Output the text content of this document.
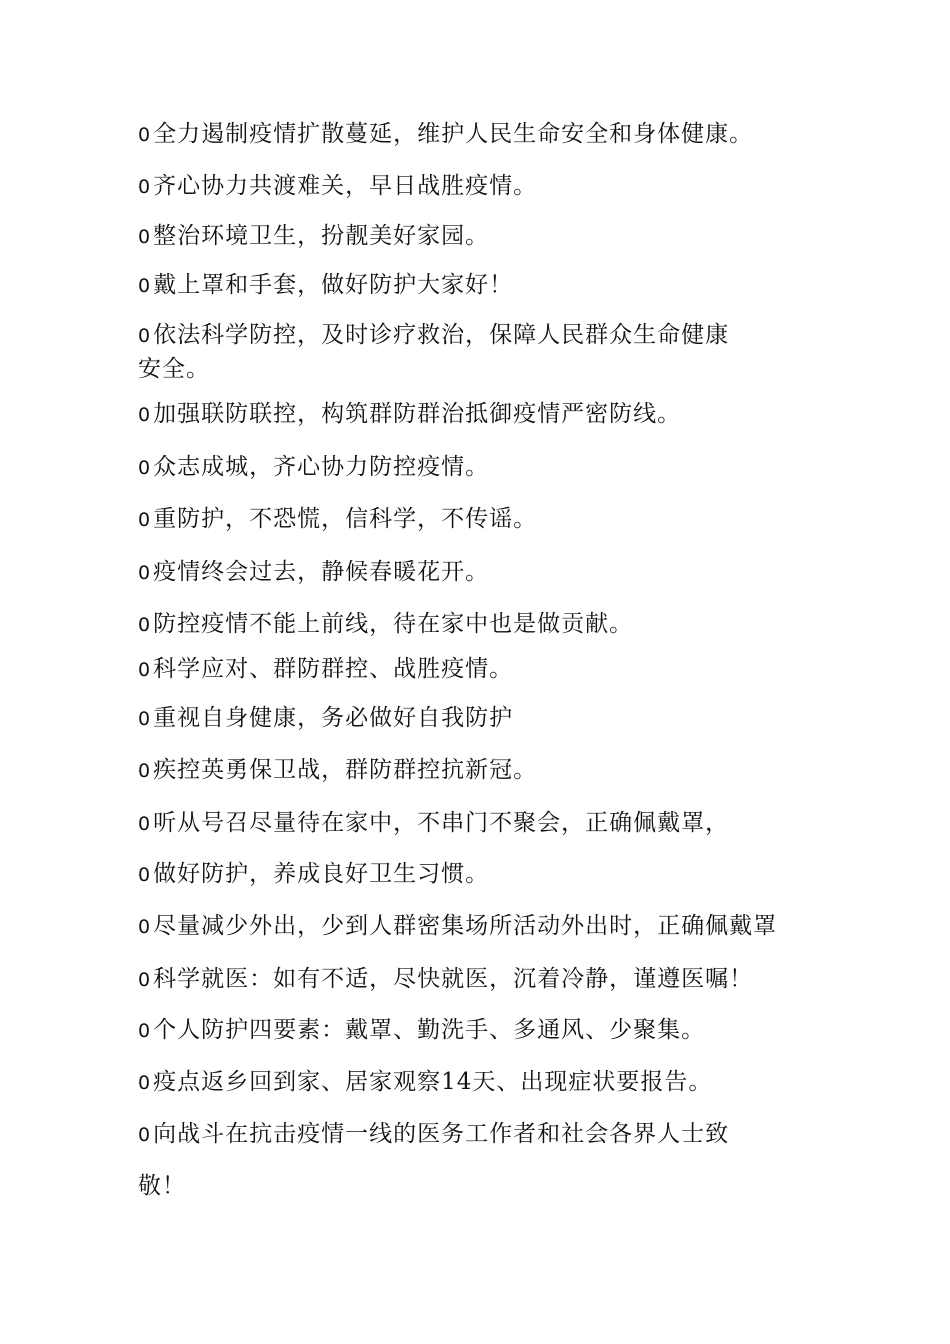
0全力遏制疫情扩散蔓延，维护人民生命安全和身体健康。
0齐心协力共渡难关，早日战胜疫情。
0整治环境卫生，扮靓美好家园。
0戴上罩和手套，做好防护大家好！
0依法科学防控，及时诊疗救治，保障人民群众生命健康
安全。
0加强联防联控，构筑群防群治抵御疫情严密防线。
0众志成城，齐心协力防控疫情。
0重防护，不恐慌，信科学，不传谣。
0疫情终会过去，静候春暖花开。
0防控疫情不能上前线，待在家中也是做贡献。
0科学应对、群防群控、战胜疫情。
0重视自身健康，务必做好自我防护
0疾控英勇保卫战，群防群控抗新冠。
0听从号召尽量待在家中，不串门不聚会，正确佩戴罩，
0做好防护，养成良好卫生习惯。
0尽量减少外出，少到人群密集场所活动外出时，正确佩戴罩
0科学就医：如有不适，尽快就医，沉着冷静，谨遵医嘱！
0个人防护四要素：戴罩、勤洗手、多通风、少聚集。
0疫点返乡回到家、居家观察14天、出现症状要报告。
0向战斗在抗击疫情一线的医务工作者和社会各界人士致
敬！
